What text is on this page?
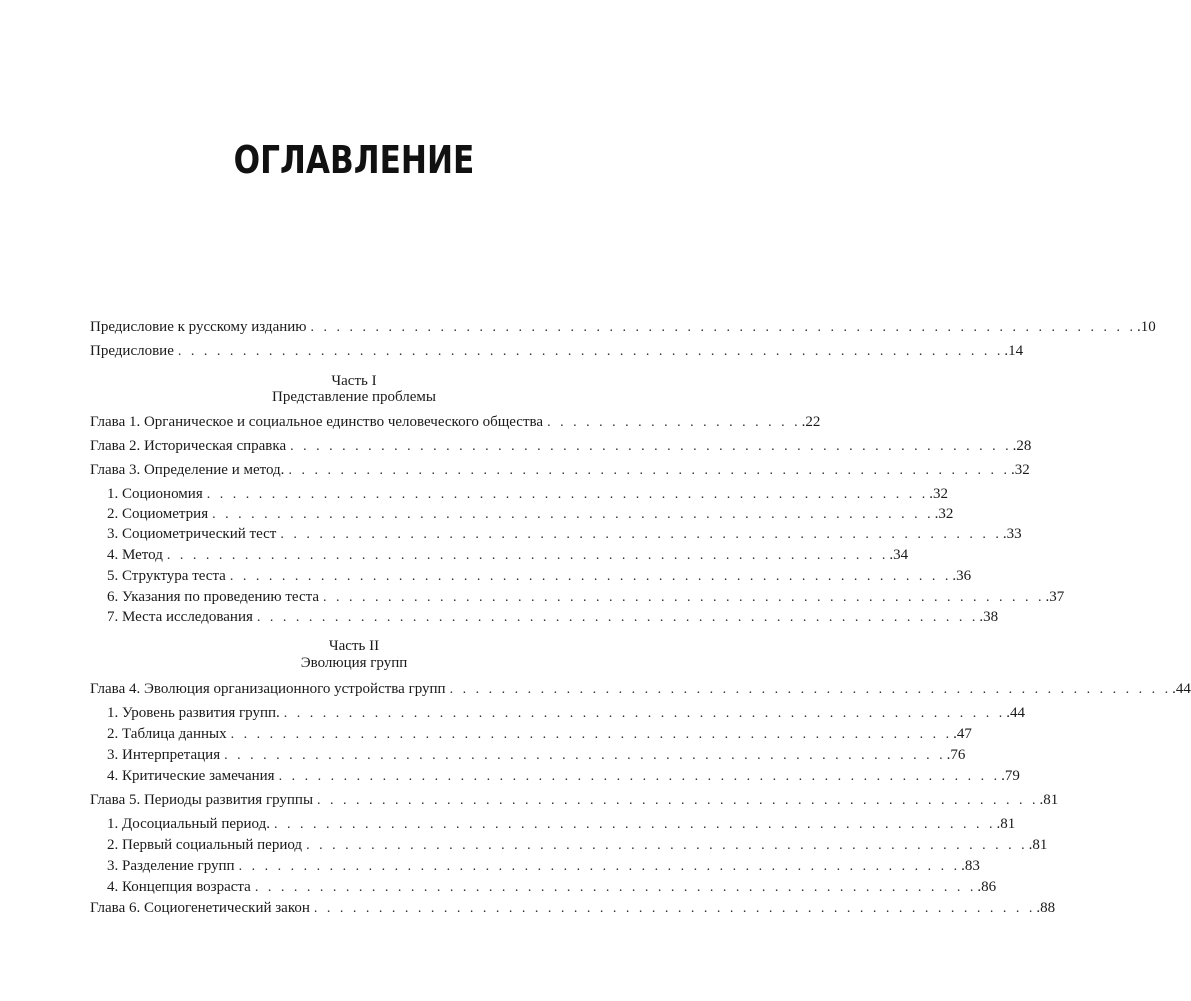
ОГЛАВЛЕНИЕ
Предисловие к русскому изданию . . . . . . . . . . . . . . . . . . . . . . . . . . . . . . . . . . . . . . . . . . . . . . . . . . . . . . . . . . . . . . . . .10
Предисловие . . . . . . . . . . . . . . . . . . . . . . . . . . . . . . . . . . . . . . . . . . . . . . . . . . . . . . . . . . . . . . . . .14
Часть I
Представление проблемы
Глава 1. Органическое и социальное единство человеческого общества . . . . . . . . . . . . . . . . . . . . .22
Глава 2. Историческая справка . . . . . . . . . . . . . . . . . . . . . . . . . . . . . . . . . . . . . . . . . . . . . . . . . . . . . . . . .28
Глава 3. Определение и метод. . . . . . . . . . . . . . . . . . . . . . . . . . . . . . . . . . . . . . . . . . . . . . . . . . . . . . . . . .32
1. Социономия . . . . . . . . . . . . . . . . . . . . . . . . . . . . . . . . . . . . . . . . . . . . . . . . . . . . . . . . .32
2. Социометрия . . . . . . . . . . . . . . . . . . . . . . . . . . . . . . . . . . . . . . . . . . . . . . . . . . . . . . . . .32
3. Социометрический тест . . . . . . . . . . . . . . . . . . . . . . . . . . . . . . . . . . . . . . . . . . . . . . . . . . . . . . . . .33
4. Метод . . . . . . . . . . . . . . . . . . . . . . . . . . . . . . . . . . . . . . . . . . . . . . . . . . . . . . . . .34
5. Структура теста . . . . . . . . . . . . . . . . . . . . . . . . . . . . . . . . . . . . . . . . . . . . . . . . . . . . . . . . .36
6. Указания по проведению теста . . . . . . . . . . . . . . . . . . . . . . . . . . . . . . . . . . . . . . . . . . . . . . . . . . . . . . . . .37
7. Места исследования . . . . . . . . . . . . . . . . . . . . . . . . . . . . . . . . . . . . . . . . . . . . . . . . . . . . . . . . .38
Часть II
Эволюция групп
Глава 4. Эволюция организационного устройства групп . . . . . . . . . . . . . . . . . . . . . . . . . . . . . . . . . . . . . . . . . . . . . . . . . . . . . . . . .44
1. Уровень развития групп. . . . . . . . . . . . . . . . . . . . . . . . . . . . . . . . . . . . . . . . . . . . . . . . . . . . . . . . . .44
2. Таблица данных . . . . . . . . . . . . . . . . . . . . . . . . . . . . . . . . . . . . . . . . . . . . . . . . . . . . . . . . .47
3. Интерпретация . . . . . . . . . . . . . . . . . . . . . . . . . . . . . . . . . . . . . . . . . . . . . . . . . . . . . . . . .76
4. Критические замечания . . . . . . . . . . . . . . . . . . . . . . . . . . . . . . . . . . . . . . . . . . . . . . . . . . . . . . . . .79
Глава 5. Периоды развития группы . . . . . . . . . . . . . . . . . . . . . . . . . . . . . . . . . . . . . . . . . . . . . . . . . . . . . . . . .81
1. Досоциальный период. . . . . . . . . . . . . . . . . . . . . . . . . . . . . . . . . . . . . . . . . . . . . . . . . . . . . . . . . .81
2. Первый социальный период . . . . . . . . . . . . . . . . . . . . . . . . . . . . . . . . . . . . . . . . . . . . . . . . . . . . . . . . .81
3. Разделение групп . . . . . . . . . . . . . . . . . . . . . . . . . . . . . . . . . . . . . . . . . . . . . . . . . . . . . . . . .83
4. Концепция возраста . . . . . . . . . . . . . . . . . . . . . . . . . . . . . . . . . . . . . . . . . . . . . . . . . . . . . . . . .86
Глава 6. Социогенетический закон . . . . . . . . . . . . . . . . . . . . . . . . . . . . . . . . . . . . . . . . . . . . . . . . . . . . . . . . .88
